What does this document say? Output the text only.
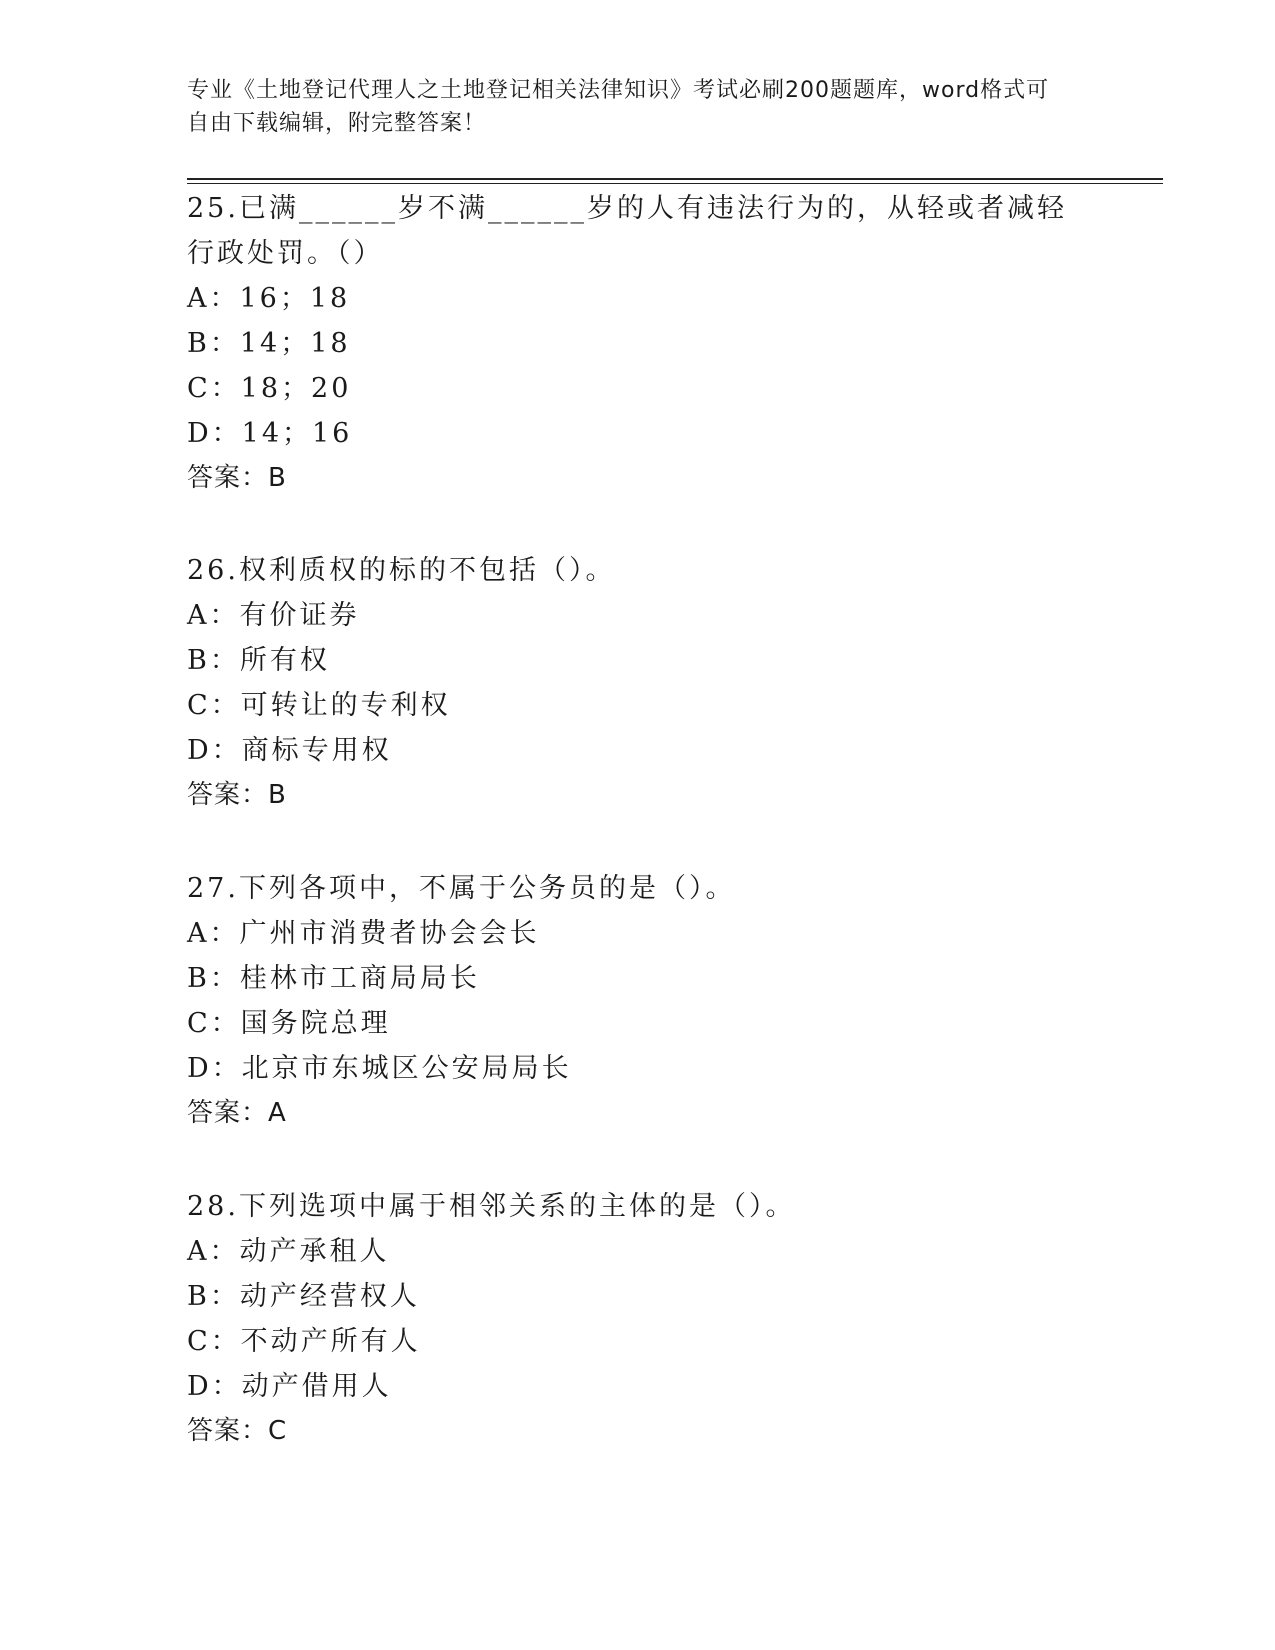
专业《土地登记代理人之土地登记相关法律知识》考试必刷200题题库，word格式可自由下载编辑，附完整答案！

25.已满______岁不满______岁的人有违法行为的，从轻或者减轻行政处罚。（）

A：16；18

B：14；18

C：18；20

D：14；16

答案：B

26.权利质权的标的不包括（）。

A：有价证券

B：所有权

C：可转让的专利权

D：商标专用权

答案：B

27.下列各项中，不属于公务员的是（）。

A：广州市消费者协会会长

B：桂林市工商局局长

C：国务院总理

D：北京市东城区公安局局长

答案：A

28.下列选项中属于相邻关系的主体的是（）。

A：动产承租人

B：动产经营权人

C：不动产所有人

D：动产借用人

答案：C
